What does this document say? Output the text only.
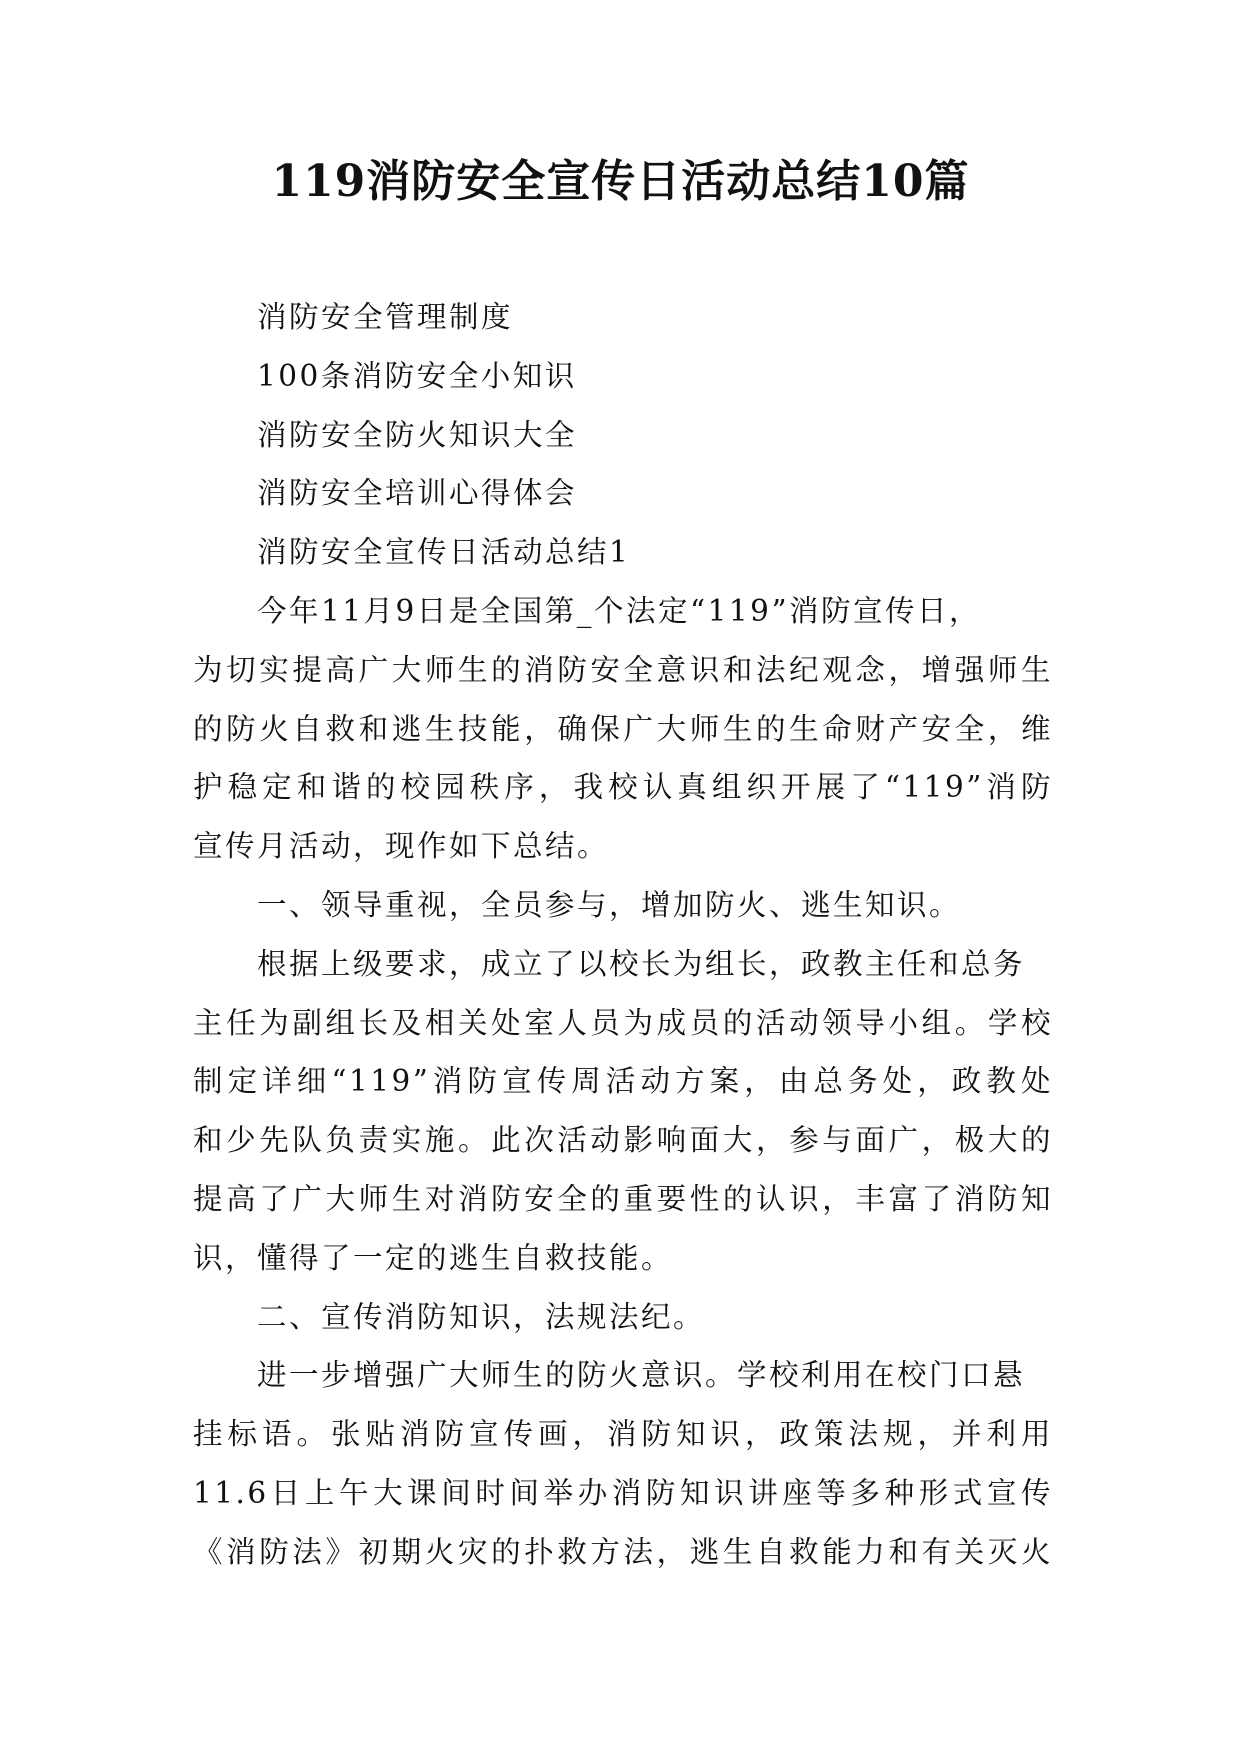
119消防安全宣传日活动总结10篇
消防安全管理制度
100条消防安全小知识
消防安全防火知识大全
消防安全培训心得体会
消防安全宣传日活动总结1
今年11月9日是全国第_个法定“119”消防宣传日，
为切实提高广大师生的消防安全意识和法纪观念，增强师生
的防火自救和逃生技能，确保广大师生的生命财产安全，维
护稳定和谐的校园秩序，我校认真组织开展了“119”消防
宣传月活动，现作如下总结。
一、领导重视，全员参与，增加防火、逃生知识。
根据上级要求，成立了以校长为组长，政教主任和总务
主任为副组长及相关处室人员为成员的活动领导小组。学校
制定详细“119”消防宣传周活动方案，由总务处，政教处
和少先队负责实施。此次活动影响面大，参与面广，极大的
提高了广大师生对消防安全的重要性的认识，丰富了消防知
识，懂得了一定的逃生自救技能。
二、宣传消防知识，法规法纪。
进一步增强广大师生的防火意识。学校利用在校门口悬
挂标语。张贴消防宣传画，消防知识，政策法规，并利用
11.6日上午大课间时间举办消防知识讲座等多种形式宣传
《消防法》初期火灾的扑救方法，逃生自救能力和有关灭火
